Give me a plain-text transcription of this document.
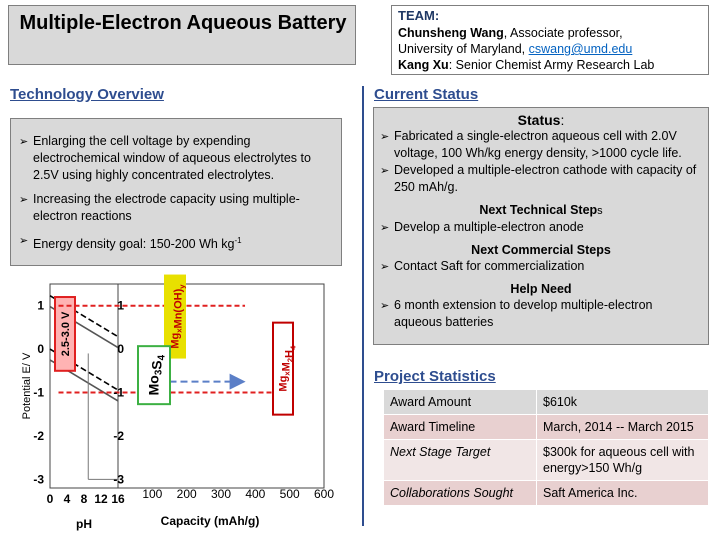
Multiple-Electron Aqueous Battery	TEAM:
Chunsheng Wang, Associate professor,
University of Maryland, cswang@umd.edu
Kang Xu: Senior Chemist Army Research Lab
Technology Overview
➢ Enlarging the cell voltage by expending electrochemical window of aqueous electrolytes to 2.5V using highly concentrated electrolytes.
➢ Increasing the electrode capacity using multiple-electron reactions
➢ Energy density goal: 150-200 Wh $kg^{-1}$
Current Status
Status:
➢ Fabricated a single-electron aqueous cell with 2.0V voltage, 100 Wh/kg energy density, >1000 cycle life.
➢ Developed a multiple-electron cathode with capacity of 250 mAh/g.
Next Technical Steps
➢ Develop a multiple-electron anode
Next Commercial Steps
➢ Contact Saft for commercialization
Help Need
➢ 6 month extension to develop multiple-electron aqueous batteries
Project Statistics
Award Amount	$610k
Award Timeline	March, 2014 -- March 2015
Next Stage Target	$300k for aqueous cell with energy>150 Wh/g
Collaborations Sought	Saft America Inc.
2.5-3.0 V	$Mg_xMn(OH)_y$
$Mo_3S_4$
$Mg_xM_2H_4$
1	1
0	0
-1	-1
-2	-2
-3	-3
0 4 8 12 16 100 200 300 400 500 600
Potential E/ V
pH	Capacity (mAh/g)
